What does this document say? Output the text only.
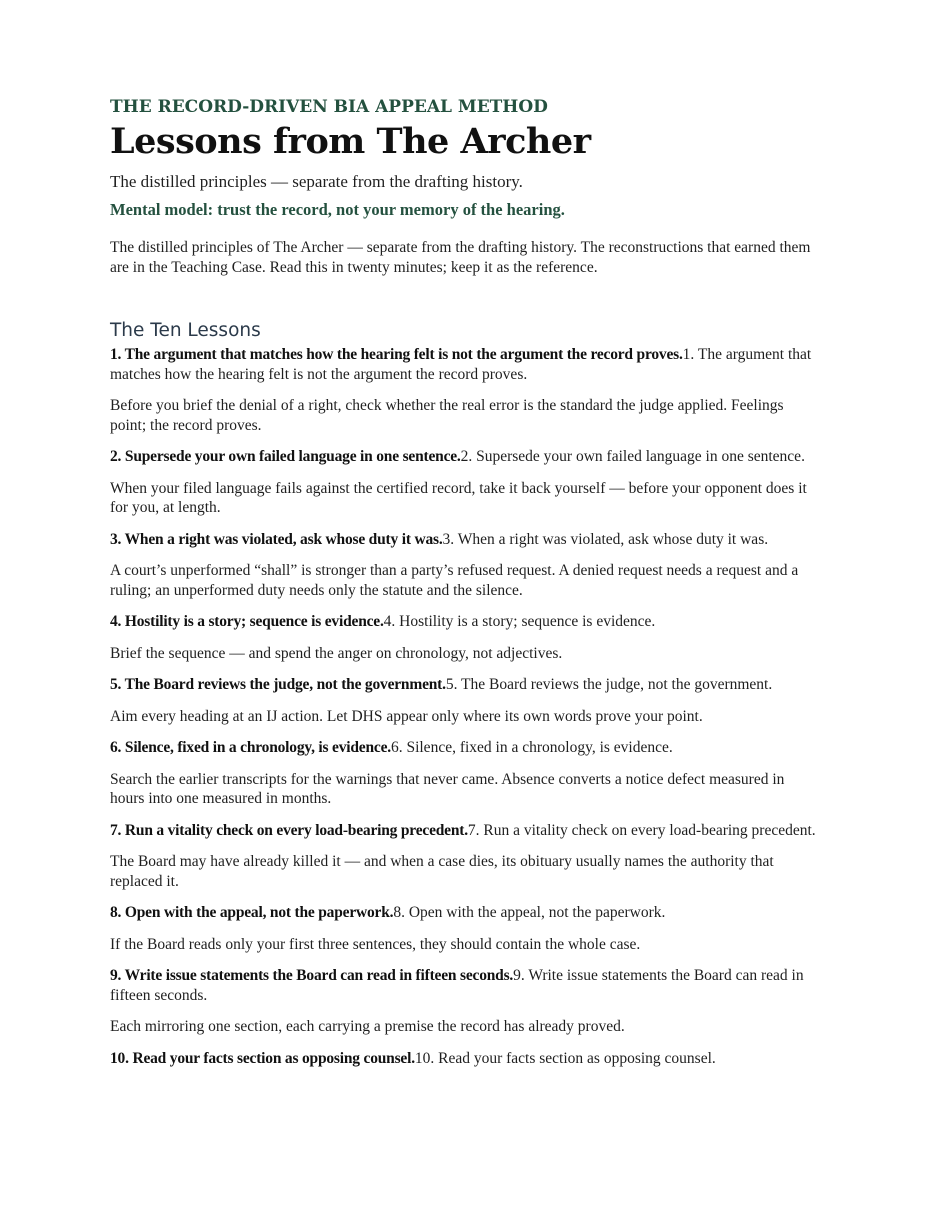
THE RECORD-DRIVEN BIA APPEAL METHOD

Lessons from The Archer

The distilled principles — separate from the drafting history.

Mental model: trust the record, not your memory of the hearing.

The distilled principles of The Archer — separate from the drafting history. The reconstructions that earned them are in the Teaching Case. Read this in twenty minutes; keep it as the reference.

The Ten Lessons

1. The argument that matches how the hearing felt is not the argument the record proves.1. The argument that matches how the hearing felt is not the argument the record proves.

Before you brief the denial of a right, check whether the real error is the standard the judge applied. Feelings point; the record proves.

2. Supersede your own failed language in one sentence.2. Supersede your own failed language in one sentence.

When your filed language fails against the certified record, take it back yourself — before your opponent does it for you, at length.

3. When a right was violated, ask whose duty it was.3. When a right was violated, ask whose duty it was.

A court’s unperformed “shall” is stronger than a party’s refused request. A denied request needs a request and a ruling; an unperformed duty needs only the statute and the silence.

4. Hostility is a story; sequence is evidence.4. Hostility is a story; sequence is evidence.

Brief the sequence — and spend the anger on chronology, not adjectives.

5. The Board reviews the judge, not the government.5. The Board reviews the judge, not the government.

Aim every heading at an IJ action. Let DHS appear only where its own words prove your point.

6. Silence, fixed in a chronology, is evidence.6. Silence, fixed in a chronology, is evidence.

Search the earlier transcripts for the warnings that never came. Absence converts a notice defect measured in hours into one measured in months.

7. Run a vitality check on every load-bearing precedent.7. Run a vitality check on every load-bearing precedent.

The Board may have already killed it — and when a case dies, its obituary usually names the authority that replaced it.

8. Open with the appeal, not the paperwork.8. Open with the appeal, not the paperwork.

If the Board reads only your first three sentences, they should contain the whole case.

9. Write issue statements the Board can read in fifteen seconds.9. Write issue statements the Board can read in fifteen seconds.

Each mirroring one section, each carrying a premise the record has already proved.

10. Read your facts section as opposing counsel.10. Read your facts section as opposing counsel.
